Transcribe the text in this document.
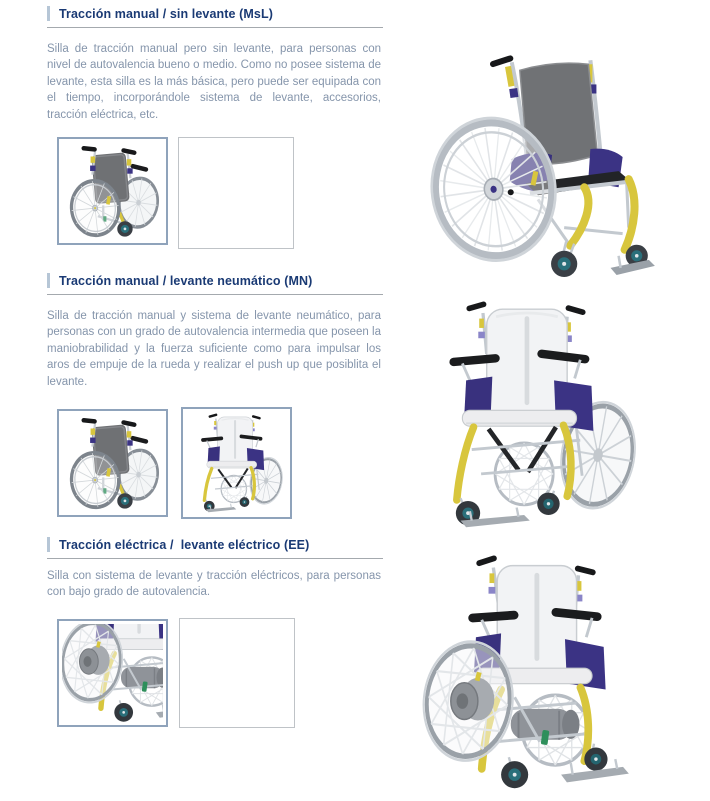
Tracción manual / sin levante (MsL)

Silla de tracción manual pero sin levante, para personas con nivel de autovalencia bueno o medio. Como no posee sistema de levante, esta silla es la más básica, pero puede ser equipada con el tiempo, incorporándole sistema de levante, accesorios, tracción eléctrica, etc.

Tracción manual / levante neumático (MN)

Silla de tracción manual y sistema de levante neumático, para personas con un grado de autovalencia intermedia que poseen la maniobrabilidad y la fuerza suficiente como para impulsar los aros de empuje de la rueda y realizar el push up que posiblita el levante.

Tracción eléctrica /  levante eléctrico (EE)

Silla con sistema de levante y tracción eléctricos, para personas con bajo grado de autovalencia.
